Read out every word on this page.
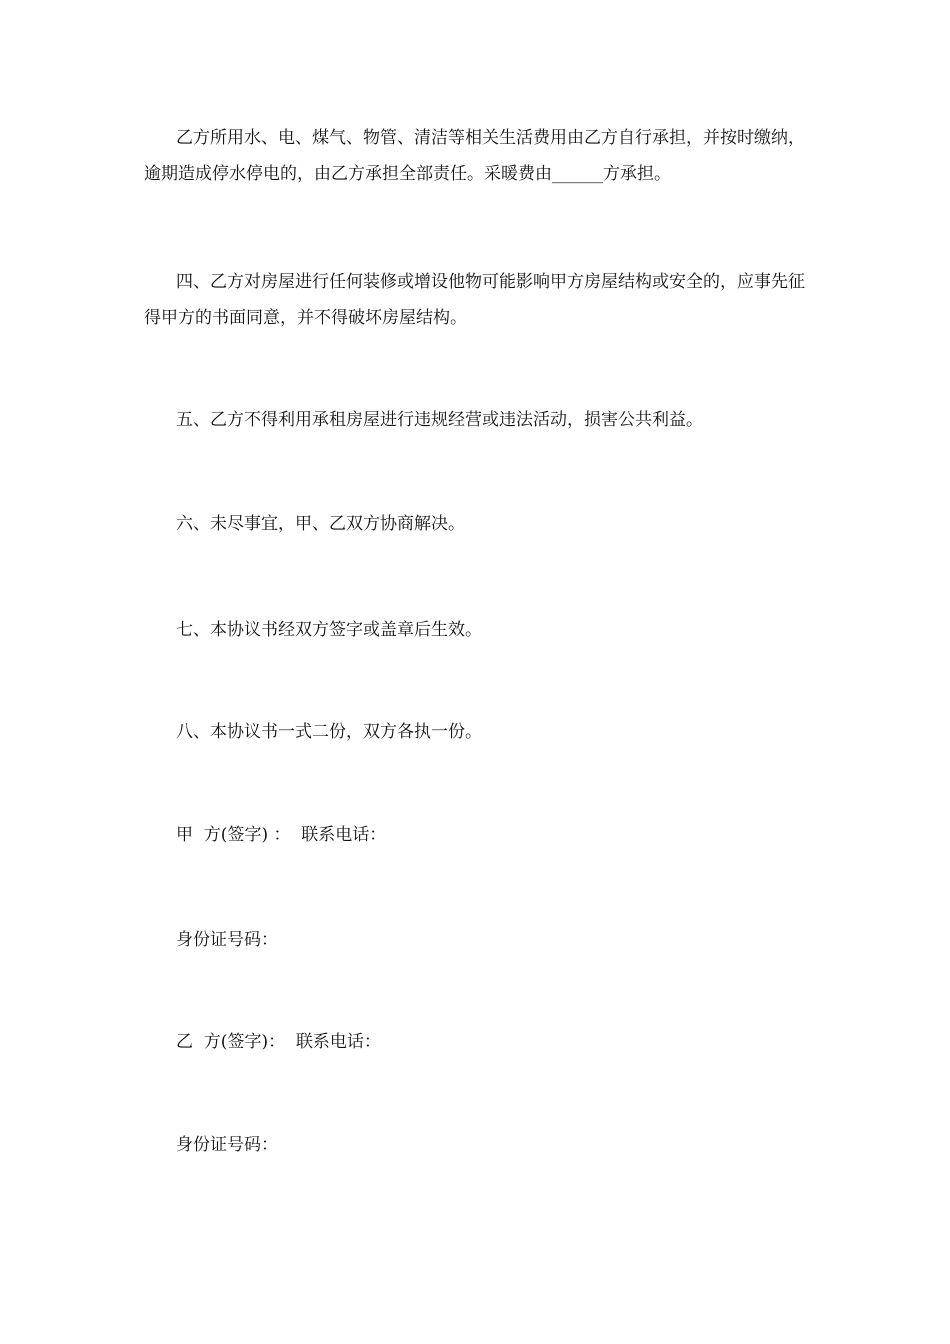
乙方所用水、电、煤气、物管、清洁等相关生活费用由乙方自行承担，并按时缴纳，逾期造成停水停电的，由乙方承担全部责任。采暖费由______方承担。

四、乙方对房屋进行任何装修或增设他物可能影响甲方房屋结构或安全的，应事先征得甲方的书面同意，并不得破坏房屋结构。

五、乙方不得利用承租房屋进行违规经营或违法活动，损害公共利益。

六、未尽事宜，甲、乙双方协商解决。

七、本协议书经双方签字或盖章后生效。

八、本协议书一式二份，双方各执一份。

甲  方(签字) ：  联系电话：

身份证号码：

乙  方(签字)：  联系电话：

身份证号码：
